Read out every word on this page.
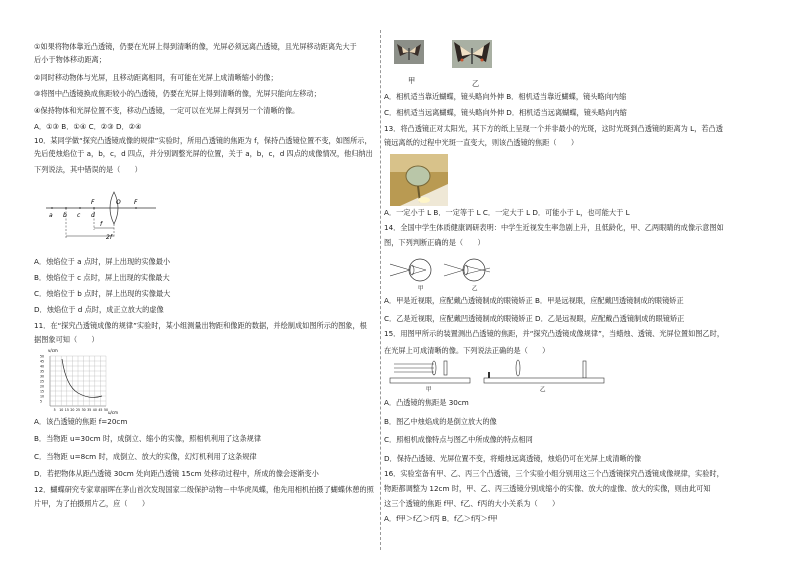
①如果将物体靠近凸透镜，仍要在光屏上得到清晰的像，光屏必须远离凸透镜，且光屏移动距离先大于
后小于物体移动距离；
②同时移动物体与光屏，且移动距离相同，有可能在光屏上成清晰缩小的像；
③将图中凸透镜换成焦距较小的凸透镜，仍要在光屏上得到清晰的像，光屏只能向左移动；
④保持物体和光屏位置不变，移动凸透镜，一定可以在光屏上得到另一个清晰的像。
A．①③ B．①④ C．②③ D．②④
10．某同学做“探究凸透镜成像的规律”实验时，所用凸透镜的焦距为 f，保持凸透镜位置不变，如图所示，
先后使烛焰位于 a，b，c，d 四点，并分别调整光屏的位置，关于 a，b，c，d 四点的成像情况，他归纳出
下列说法，其中错误的是（　　）
2f
f
a b c d
O
F	F
A．烛焰位于 a 点时，屏上出现的实像最小
B．烛焰位于 c 点时，屏上出现的实像最大
C．烛焰位于 b 点时，屏上出现的实像最大
D．烛焰位于 d 点时，成正立放大的虚像
11．在“探究凸透镜成像的规律”实验时，某小组测量出物距和像距的数据，并绘制成如图所示的图象，根
据图象可知（　　）
v/cm
u/cm
50
45
40
35
30
25
20
15
10
5
5 10 15 20 25 30 35 40 45 50
A．该凸透镜的焦距 f=20cm
B．当物距 u=30cm 时，成倒立、缩小的实像，照相机利用了这条规律
C．当物距 u=8cm 时，成倒立、放大的实像，幻灯机利用了这条规律
D．若把物体从距凸透镜 30cm 处向距凸透镜 15cm 处移动过程中，所成的像会逐渐变小
12．蝴蝶研究专家章丽晖在茅山首次发现国家二级保护动物－中华虎凤蝶，他先用相机拍摄了蝴蝶休憩的照
片甲，为了拍摄照片乙，应（　　）
甲	乙
A．相机适当靠近蝴蝶，镜头略向外伸 B．相机适当靠近蝴蝶，镜头略向内缩
C．相机适当远离蝴蝶，镜头略向外伸 D．相机适当远离蝴蝶，镜头略向内缩
13．将凸透镜正对太阳光，其下方的纸上呈现一个并非最小的光斑，这时光斑到凸透镜的距离为 L，若凸透
镜远离纸的过程中光斑一直变大，则该凸透镜的焦距（　　）
A．一定小于 L B．一定等于 L C．一定大于 L D．可能小于 L，也可能大于 L
14．全国中学生体质健康调研表明：中学生近视发生率急剧上升，且低龄化，甲、乙两眼睛的成像示意图如
图，下列判断正确的是（　　）
甲	乙
A．甲是近视眼，应配戴凸透镜制成的眼镜矫正 B．甲是远视眼，应配戴凹透镜制成的眼镜矫正
C．乙是近视眼，应配戴凹透镜制成的眼镜矫正 D．乙是远视眼，应配戴凸透镜制成的眼镜矫正
15．用图甲所示的装置测出凸透镜的焦距，并“探究凸透镜成像规律”，当蜡烛、透镜、光屏位置如图乙时，
在光屏上可成清晰的像。下列说法正确的是（　　）
甲	乙
A．凸透镜的焦距是 30cm
B．图乙中烛焰成的是倒立放大的像
C．照相机成像特点与图乙中所成像的特点相同
D．保持凸透镜、光屏位置不变，将蜡烛远离透镜，烛焰仍可在光屏上成清晰的像
16．实验室备有甲、乙、丙三个凸透镜，三个实验小组分别用这三个凸透镜探究凸透镜成像规律，实验时，
物距都调整为 12cm 时，甲、乙、丙三透镜分别成缩小的实像、放大的虚像、放大的实像，则由此可知
这三个透镜的焦距 f甲、f乙、f丙的大小关系为（　　）
A．f甲＞f乙＞f丙 B．f乙＞f丙＞f甲
